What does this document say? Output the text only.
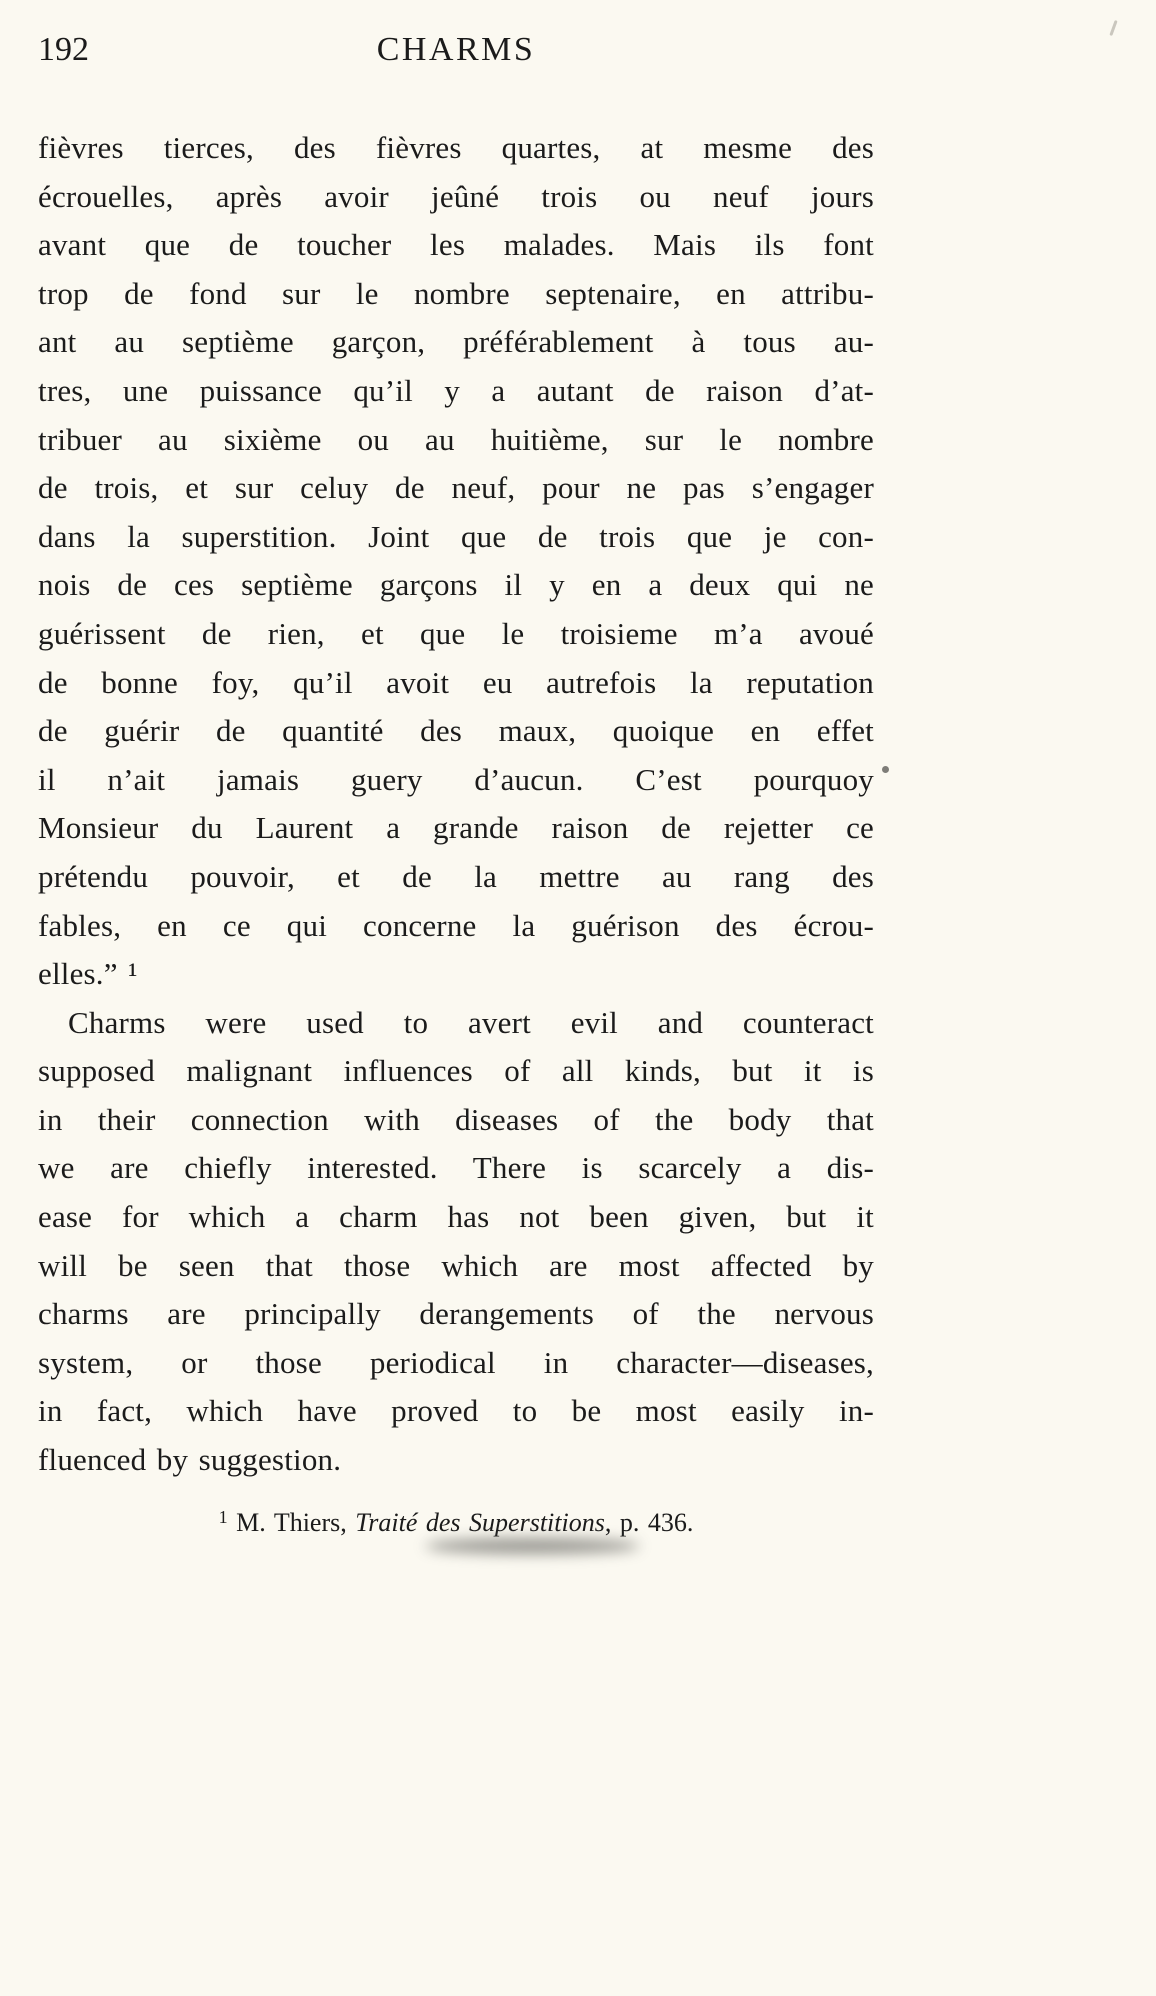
192	CHARMS
fièvres tierces, des fièvres quartes, at mesme des
écrouelles, après avoir jeûné trois ou neuf jours
avant que de toucher les malades. Mais ils font
trop de fond sur le nombre septenaire, en attribu-
ant au septième garçon, préférablement à tous au-
tres, une puissance qu’il y a autant de raison d’at-
tribuer au sixième ou au huitième, sur le nombre
de trois, et sur celuy de neuf, pour ne pas s’engager
dans la superstition. Joint que de trois que je con-
nois de ces septième garçons il y en a deux qui ne
guérissent de rien, et que le troisieme m’a avoué
de bonne foy, qu’il avoit eu autrefois la reputation
de guérir de quantité des maux, quoique en effet
il n’ait jamais guery d’aucun. C’est pourquoy
Monsieur du Laurent a grande raison de rejetter ce
prétendu pouvoir, et de la mettre au rang des
fables, en ce qui concerne la guérison des écrou-
elles.” ¹
Charms were used to avert evil and counteract
supposed malignant influences of all kinds, but it is
in their connection with diseases of the body that
we are chiefly interested. There is scarcely a dis-
ease for which a charm has not been given, but it
will be seen that those which are most affected by
charms are principally derangements of the nervous
system, or those periodical in character—diseases,
in fact, which have proved to be most easily in-
fluenced by suggestion.
$^1$ M. Thiers, Traité des Superstitions, p. 436.
